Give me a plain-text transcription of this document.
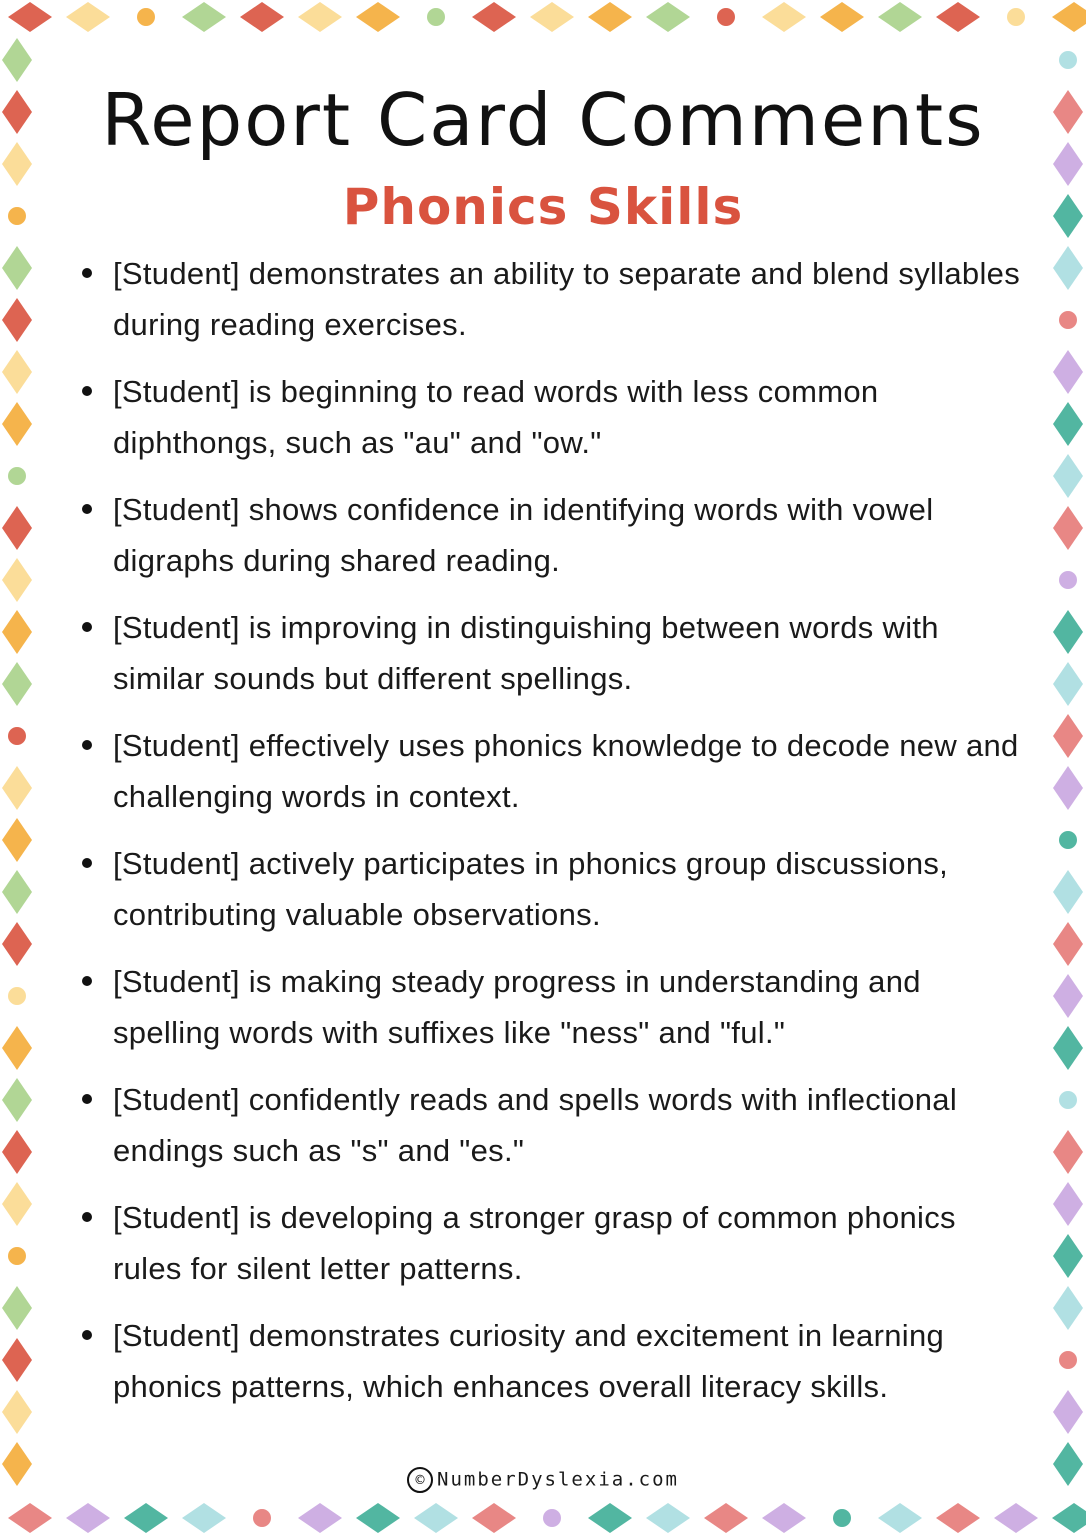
Report Card Comments
Phonics Skills
[Student] demonstrates an ability to separate and blend syllables during reading exercises.
[Student] is beginning to read words with less common diphthongs, such as "au" and "ow."
[Student] shows confidence in identifying words with vowel digraphs during shared reading.
[Student] is improving in distinguishing between words with similar sounds but different spellings.
[Student] effectively uses phonics knowledge to decode new and challenging words in context.
[Student] actively participates in phonics group discussions, contributing valuable observations.
[Student] is making steady progress in understanding and spelling words with suffixes like "ness" and "ful."
[Student] confidently reads and spells words with inflectional endings such as "s" and "es."
[Student] is developing a stronger grasp of common phonics rules for silent letter patterns.
[Student] demonstrates curiosity and excitement in learning phonics patterns, which enhances overall literacy skills.
© NumberDyslexia.com
